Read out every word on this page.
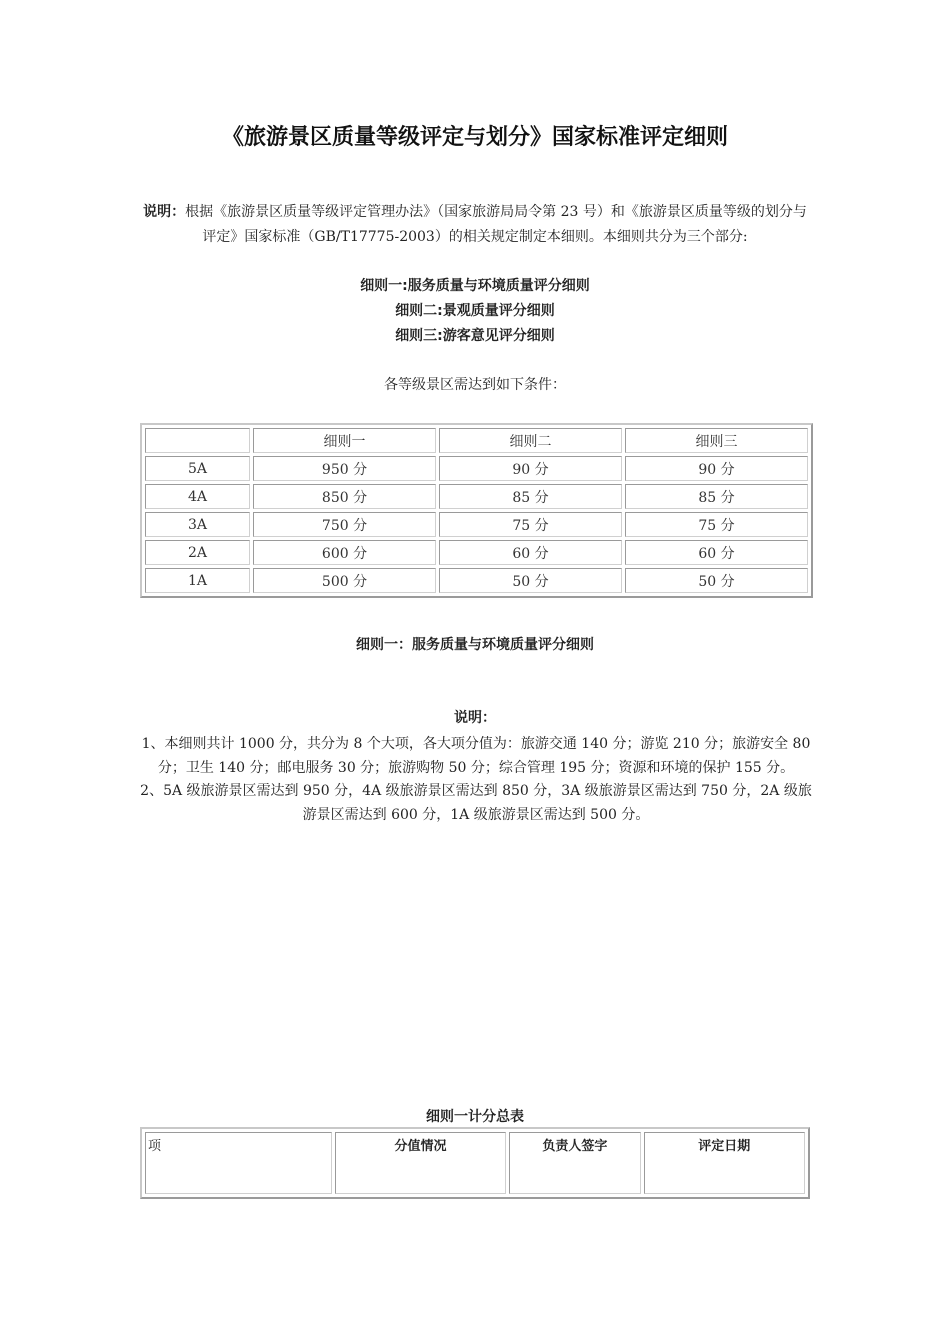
《旅游景区质量等级评定与划分》国家标准评定细则
说明：根据《旅游景区质量等级评定管理办法》（国家旅游局局令第 23 号）和《旅游景区质量等级的划分与评定》国家标准（GB/T17775-2003）的相关规定制定本细则。本细则共分为三个部分:
细则一:服务质量与环境质量评分细则
细则二:景观质量评分细则
细则三:游客意见评分细则
各等级景区需达到如下条件：
	细则一	细则二	细则三
5A	950 分	90 分	90 分
4A	850 分	85 分	85 分
3A	750 分	75 分	75 分
2A	600 分	60 分	60 分
1A	500 分	50 分	50 分
细则一：服务质量与环境质量评分细则
说明：

1、本细则共计 1000 分，共分为 8 个大项，各大项分值为：旅游交通 140 分；游览 210 分；旅游安全 80 分；卫生 140 分；邮电服务 30 分；旅游购物 50 分；综合管理 195 分；资源和环境的保护 155 分。

2、5A 级旅游景区需达到 950 分，4A 级旅游景区需达到 850 分，3A 级旅游景区需达到 750 分，2A 级旅游景区需达到 600 分，1A 级旅游景区需达到 500 分。

细则一计分总表
项	分值情况	负责人签字	评定日期
